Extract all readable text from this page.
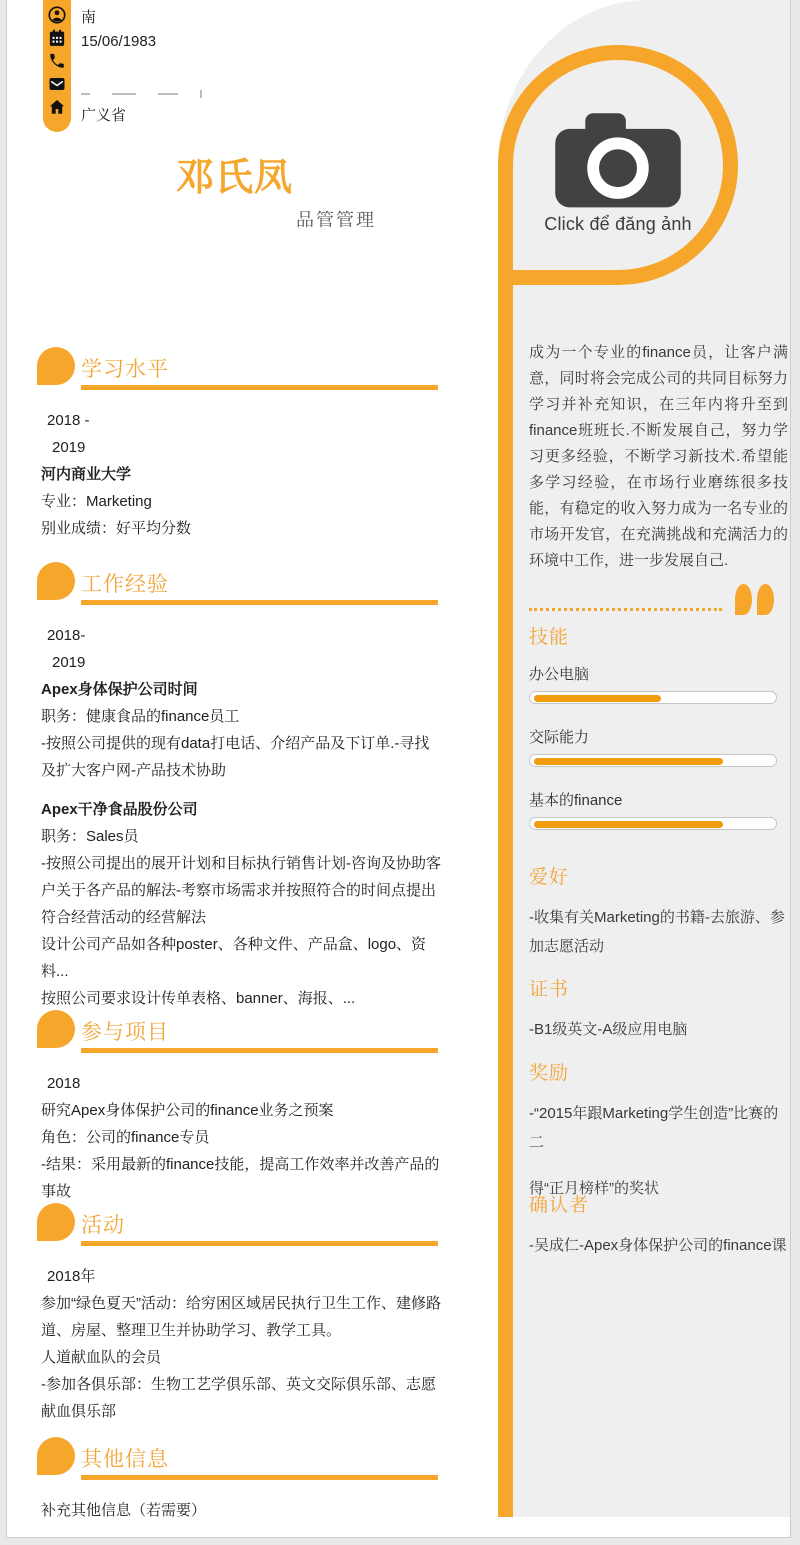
Click để đăng ảnh
南
15/06/1983
广义省
邓氏凤
品管管理
学习水平
2018 -
2019
河内商业大学
专业：Marketing
别业成绩：好平均分数
工作经验
2018-
2019
Apex身体保护公司时间
职务：健康食品的finance员工
-按照公司提供的现有data打电话、介绍产品及下订单.-寻找及扩大客户网-产品技术协助
Apex干净食品股份公司
职务：Sales员
-按照公司提出的展开计划和目标执行销售计划-咨询及协助客户关于各产品的解法-考察市场需求并按照符合的时间点提出符合经营活动的经营解法
设计公司产品如各种poster、各种文件、产品盒、logo、资料...
按照公司要求设计传单表格、banner、海报、...
参与项目
2018
研究Apex身体保护公司的finance业务之预案
角色：公司的finance专员
-结果：采用最新的finance技能，提高工作效率并改善产品的事故
活动
2018年
参加“绿色夏天”活动：给穷困区域居民执行卫生工作、建修路道、房屋、整理卫生并协助学习、教学工具。
人道献血队的会员
-参加各俱乐部：生物工艺学俱乐部、英文交际俱乐部、志愿献血俱乐部
其他信息
补充其他信息（若需要）
成为一个专业的finance员，让客户满意，同时将会完成公司的共同目标努力学习并补充知识，在三年内将升至到finance班班长.不断发展自己，努力学习更多经验，不断学习新技术.希望能多学习经验，在市场行业磨练很多技能，有稳定的收入努力成为一名专业的市场开发官，在充满挑战和充满活力的环境中工作，进一步发展自己.
技能
办公电脑
交际能力
基本的finance
爱好
-收集有关Marketing的书籍-去旅游、参加志愿活动
证书
-B1级英文-A级应用电脑
奖励
-“2015年跟Marketing学生创造”比赛的二
得“正月榜样”的奖状
确认者
-吴成仁-Apex身体保护公司的finance课
